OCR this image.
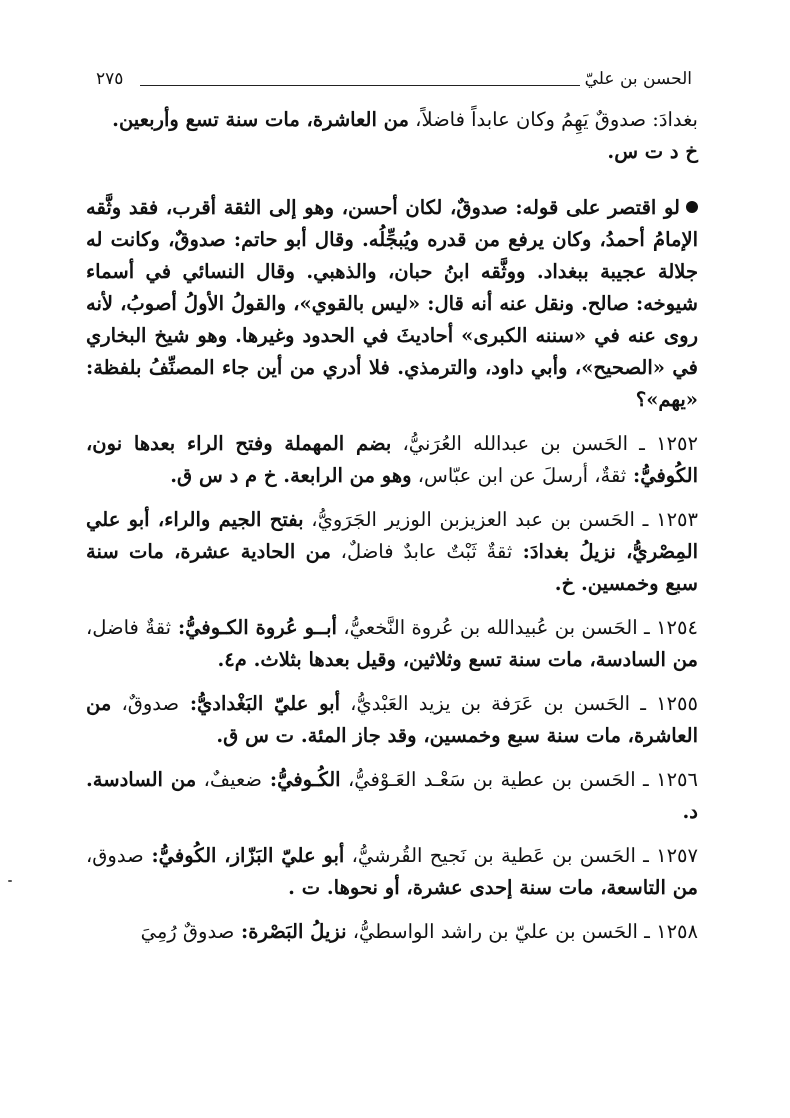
الحسن بن عليّ
٢٧٥

بغدادَ: صدوقٌ يَهِمُ وكان عابداً فاضلاً، من العاشرة، مات سنة تسع وأربعين.
خ د ت س.

لو اقتصر على قوله: صدوقٌ، لكان أحسن، وهو إلى الثقة أقرب، فقد وثَّقه الإمامُ أحمدُ، وكان يرفع من قدره ويُبجِّلُه. وقال أبو حاتم: صدوقٌ، وكانت له جلالة عجيبة ببغداد. ووثَّقه ابنُ حبان، والذهبي. وقال النسائي في أسماء شيوخه: صالح. ونقل عنه أنه قال: «ليس بالقوي»، والقولُ الأولُ أصوبُ، لأنه روى عنه في «سننه الكبرى» أحاديثَ في الحدود وغيرها. وهو شيخ البخاري في «الصحيح»، وأبي داود، والترمذي. فلا أدري من أين جاء المصنِّفُ بلفظة: «يهم»؟

١٢٥٢ ـ الحَسن بن عبدالله العُرَنيُّ، بضم المهملة وفتح الراء بعدها نون، الكُوفيُّ: ثقةٌ، أرسلَ عن ابن عبّاس، وهو من الرابعة. خ م د س ق.

١٢٥٣ ـ الحَسن بن عبد العزيزبن الوزير الجَرَويُّ، بفتح الجيم والراء، أبو علي المِصْريُّ، نزيلُ بغدادَ: ثقةٌ ثَبْتٌ عابدٌ فاضلٌ، من الحادية عشرة، مات سنة سبع وخمسين. خ.

١٢٥٤ ـ الحَسن بن عُبيدالله بن عُروة النَّخعيُّ، أبــو عُروة الكـوفيُّ: ثقةٌ فاضل، من السادسة، مات سنة تسع وثلاثين، وقيل بعدها بثلاث. م٤.

١٢٥٥ ـ الحَسن بن عَرَفة بن يزيد العَبْديُّ، أبو عليّ البَغْداديُّ: صدوقٌ، من العاشرة، مات سنة سبع وخمسين، وقد جاز المئة. ت س ق.

١٢٥٦ ـ الحَسن بن عطية بن سَعْـد العَـوْفيُّ، الكُـوفيُّ: ضعيفٌ، من السادسة. د.

١٢٥٧ ـ الحَسن بن عَطية بن نَجيح القُرشيُّ، أبو عليّ البَزّاز، الكُوفيُّ: صدوق، من التاسعة، مات سنة إحدى عشرة، أو نحوها. ت .

١٢٥٨ ـ الحَسن بن عليّ بن راشد الواسطيُّ، نزيلُ البَصْرة: صدوقٌ رُمِيَ
